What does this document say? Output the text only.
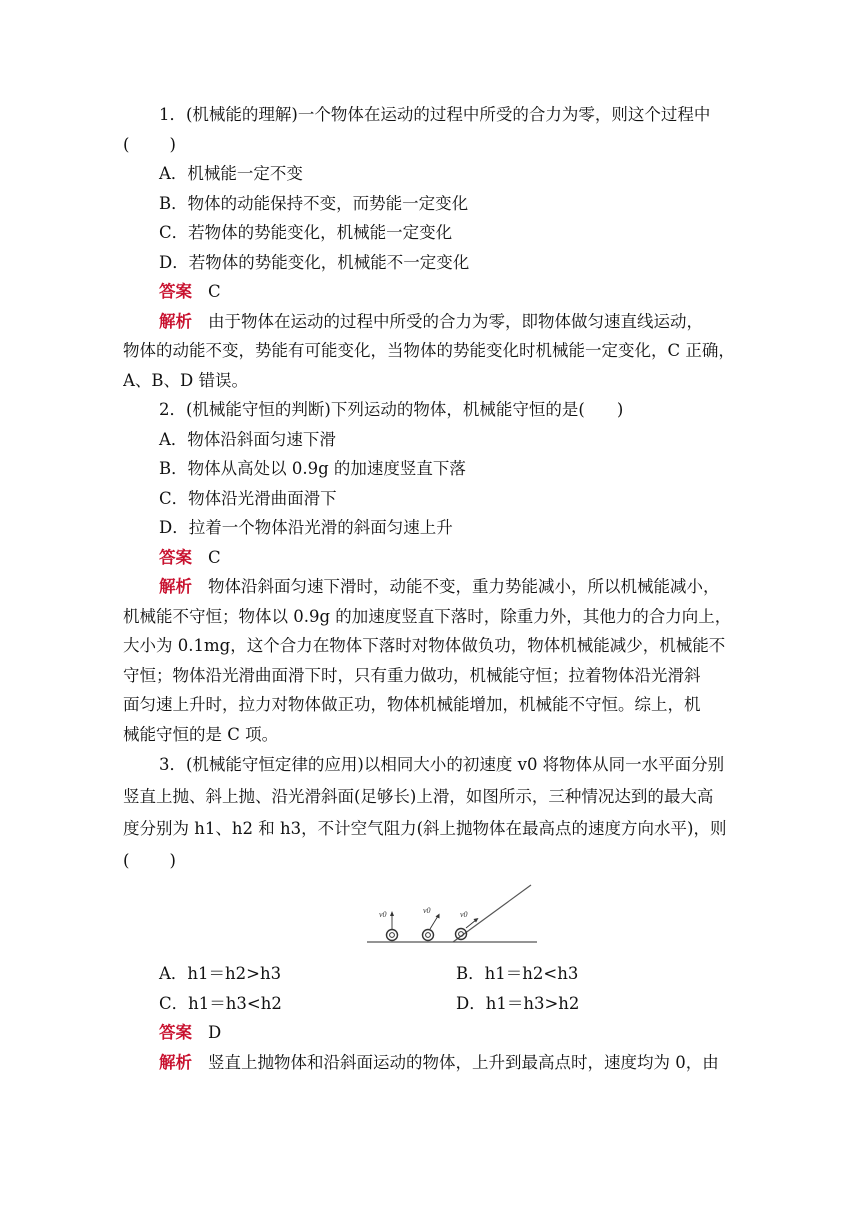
1．(机械能的理解)一个物体在运动的过程中所受的合力为零，则这个过程中
( )
A．机械能一定不变
B．物体的动能保持不变，而势能一定变化
C．若物体的势能变化，机械能一定变化
D．若物体的势能变化，机械能不一定变化
答案 C
解析 由于物体在运动的过程中所受的合力为零，即物体做匀速直线运动，
物体的动能不变，势能有可能变化，当物体的势能变化时机械能一定变化，C 正确，
A、B、D 错误。
2．(机械能守恒的判断)下列运动的物体，机械能守恒的是( )
A．物体沿斜面匀速下滑
B．物体从高处以 0.9g 的加速度竖直下落
C．物体沿光滑曲面滑下
D．拉着一个物体沿光滑的斜面匀速上升
答案 C
解析 物体沿斜面匀速下滑时，动能不变，重力势能减小，所以机械能减小，
机械能不守恒；物体以 0.9g 的加速度竖直下落时，除重力外，其他力的合力向上，
大小为 0.1mg，这个合力在物体下落时对物体做负功，物体机械能减少，机械能不
守恒；物体沿光滑曲面滑下时，只有重力做功，机械能守恒；拉着物体沿光滑斜
面匀速上升时，拉力对物体做正功，物体机械能增加，机械能不守恒。综上，机
械能守恒的是 C 项。
3．(机械能守恒定律的应用)以相同大小的初速度 v0 将物体从同一水平面分别
竖直上抛、斜上抛、沿光滑斜面(足够长)上滑，如图所示，三种情况达到的最大高
度分别为 h1、h2 和 h3，不计空气阻力(斜上抛物体在最高点的速度方向水平)，则
( )
v0	v0	v0
A．h1＝h2>h3	B．h1＝h2<h3
C．h1＝h3<h2	D．h1＝h3>h2
答案 D
解析 竖直上抛物体和沿斜面运动的物体，上升到最高点时，速度均为 0，由
